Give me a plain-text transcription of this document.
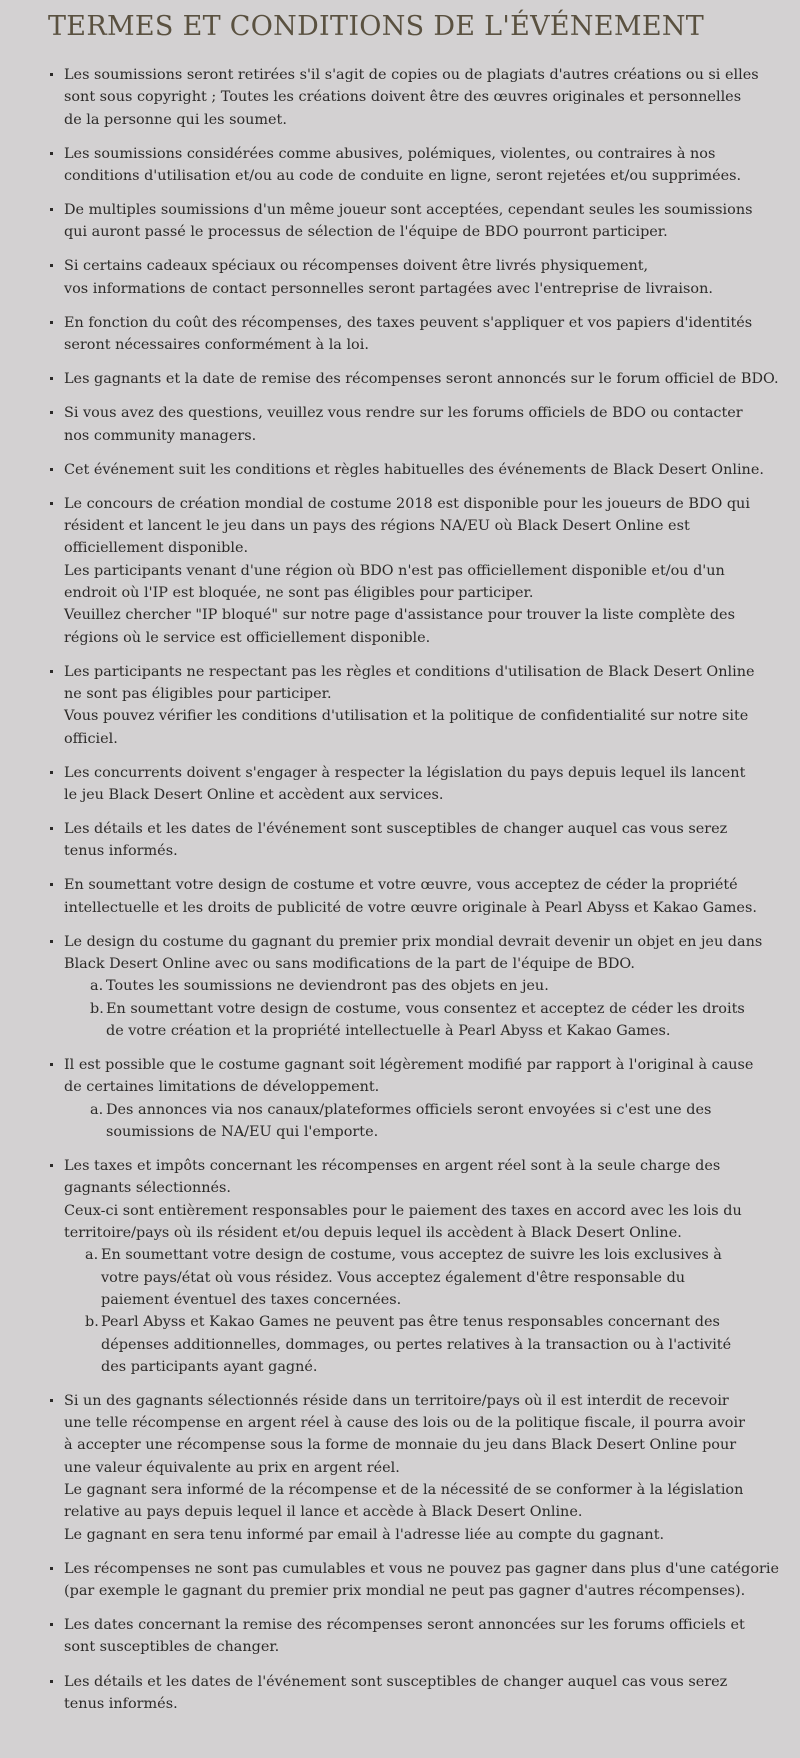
TERMES ET CONDITIONS DE L'ÉVÉNEMENT
Les soumissions seront retirées s'il s'agit de copies ou de plagiats d'autres créations ou si elles
sont sous copyright ; Toutes les créations doivent être des œuvres originales et personnelles
de la personne qui les soumet.
Les soumissions considérées comme abusives, polémiques, violentes, ou contraires à nos
conditions d'utilisation et/ou au code de conduite en ligne, seront rejetées et/ou supprimées.
De multiples soumissions d'un même joueur sont acceptées, cependant seules les soumissions
qui auront passé le processus de sélection de l'équipe de BDO pourront participer.
Si certains cadeaux spéciaux ou récompenses doivent être livrés physiquement,
vos informations de contact personnelles seront partagées avec l'entreprise de livraison.
En fonction du coût des récompenses, des taxes peuvent s'appliquer et vos papiers d'identités
seront nécessaires conformément à la loi.
Les gagnants et la date de remise des récompenses seront annoncés sur le forum officiel de BDO.
Si vous avez des questions, veuillez vous rendre sur les forums officiels de BDO ou contacter
nos community managers.
Cet événement suit les conditions et règles habituelles des événements de Black Desert Online.
Le concours de création mondial de costume 2018 est disponible pour les joueurs de BDO qui
résident et lancent le jeu dans un pays des régions NA/EU où Black Desert Online est
officiellement disponible.
Les participants venant d'une région où BDO n'est pas officiellement disponible et/ou d'un
endroit où l'IP est bloquée, ne sont pas éligibles pour participer.
Veuillez chercher "IP bloqué" sur notre page d'assistance pour trouver la liste complète des
régions où le service est officiellement disponible.
Les participants ne respectant pas les règles et conditions d'utilisation de Black Desert Online
ne sont pas éligibles pour participer.
Vous pouvez vérifier les conditions d'utilisation et la politique de confidentialité sur notre site
officiel.
Les concurrents doivent s'engager à respecter la législation du pays depuis lequel ils lancent
le jeu Black Desert Online et accèdent aux services.
Les détails et les dates de l'événement sont susceptibles de changer auquel cas vous serez
tenus informés.
En soumettant votre design de costume et votre œuvre, vous acceptez de céder la propriété
intellectuelle et les droits de publicité de votre œuvre originale à Pearl Abyss et Kakao Games.
Le design du costume du gagnant du premier prix mondial devrait devenir un objet en jeu dans
Black Desert Online avec ou sans modifications de la part de l'équipe de BDO.
a. Toutes les soumissions ne deviendront pas des objets en jeu.
b. En soumettant votre design de costume, vous consentez et acceptez de céder les droits
de votre création et la propriété intellectuelle à Pearl Abyss et Kakao Games.
Il est possible que le costume gagnant soit légèrement modifié par rapport à l'original à cause
de certaines limitations de développement.
a. Des annonces via nos canaux/plateformes officiels seront envoyées si c'est une des
soumissions de NA/EU qui l'emporte.
Les taxes et impôts concernant les récompenses en argent réel sont à la seule charge des
gagnants sélectionnés.
Ceux-ci sont entièrement responsables pour le paiement des taxes en accord avec les lois du
territoire/pays où ils résident et/ou depuis lequel ils accèdent à Black Desert Online.
a. En soumettant votre design de costume, vous acceptez de suivre les lois exclusives à
votre pays/état où vous résidez. Vous acceptez également d'être responsable du
paiement éventuel des taxes concernées.
b. Pearl Abyss et Kakao Games ne peuvent pas être tenus responsables concernant des
dépenses additionnelles, dommages, ou pertes relatives à la transaction ou à l'activité
des participants ayant gagné.
Si un des gagnants sélectionnés réside dans un territoire/pays où il est interdit de recevoir
une telle récompense en argent réel à cause des lois ou de la politique fiscale, il pourra avoir
à accepter une récompense sous la forme de monnaie du jeu dans Black Desert Online pour
une valeur équivalente au prix en argent réel.
Le gagnant sera informé de la récompense et de la nécessité de se conformer à la législation
relative au pays depuis lequel il lance et accède à Black Desert Online.
Le gagnant en sera tenu informé par email à l'adresse liée au compte du gagnant.
Les récompenses ne sont pas cumulables et vous ne pouvez pas gagner dans plus d'une catégorie
(par exemple le gagnant du premier prix mondial ne peut pas gagner d'autres récompenses).
Les dates concernant la remise des récompenses seront annoncées sur les forums officiels et
sont susceptibles de changer.
Les détails et les dates de l'événement sont susceptibles de changer auquel cas vous serez
tenus informés.
